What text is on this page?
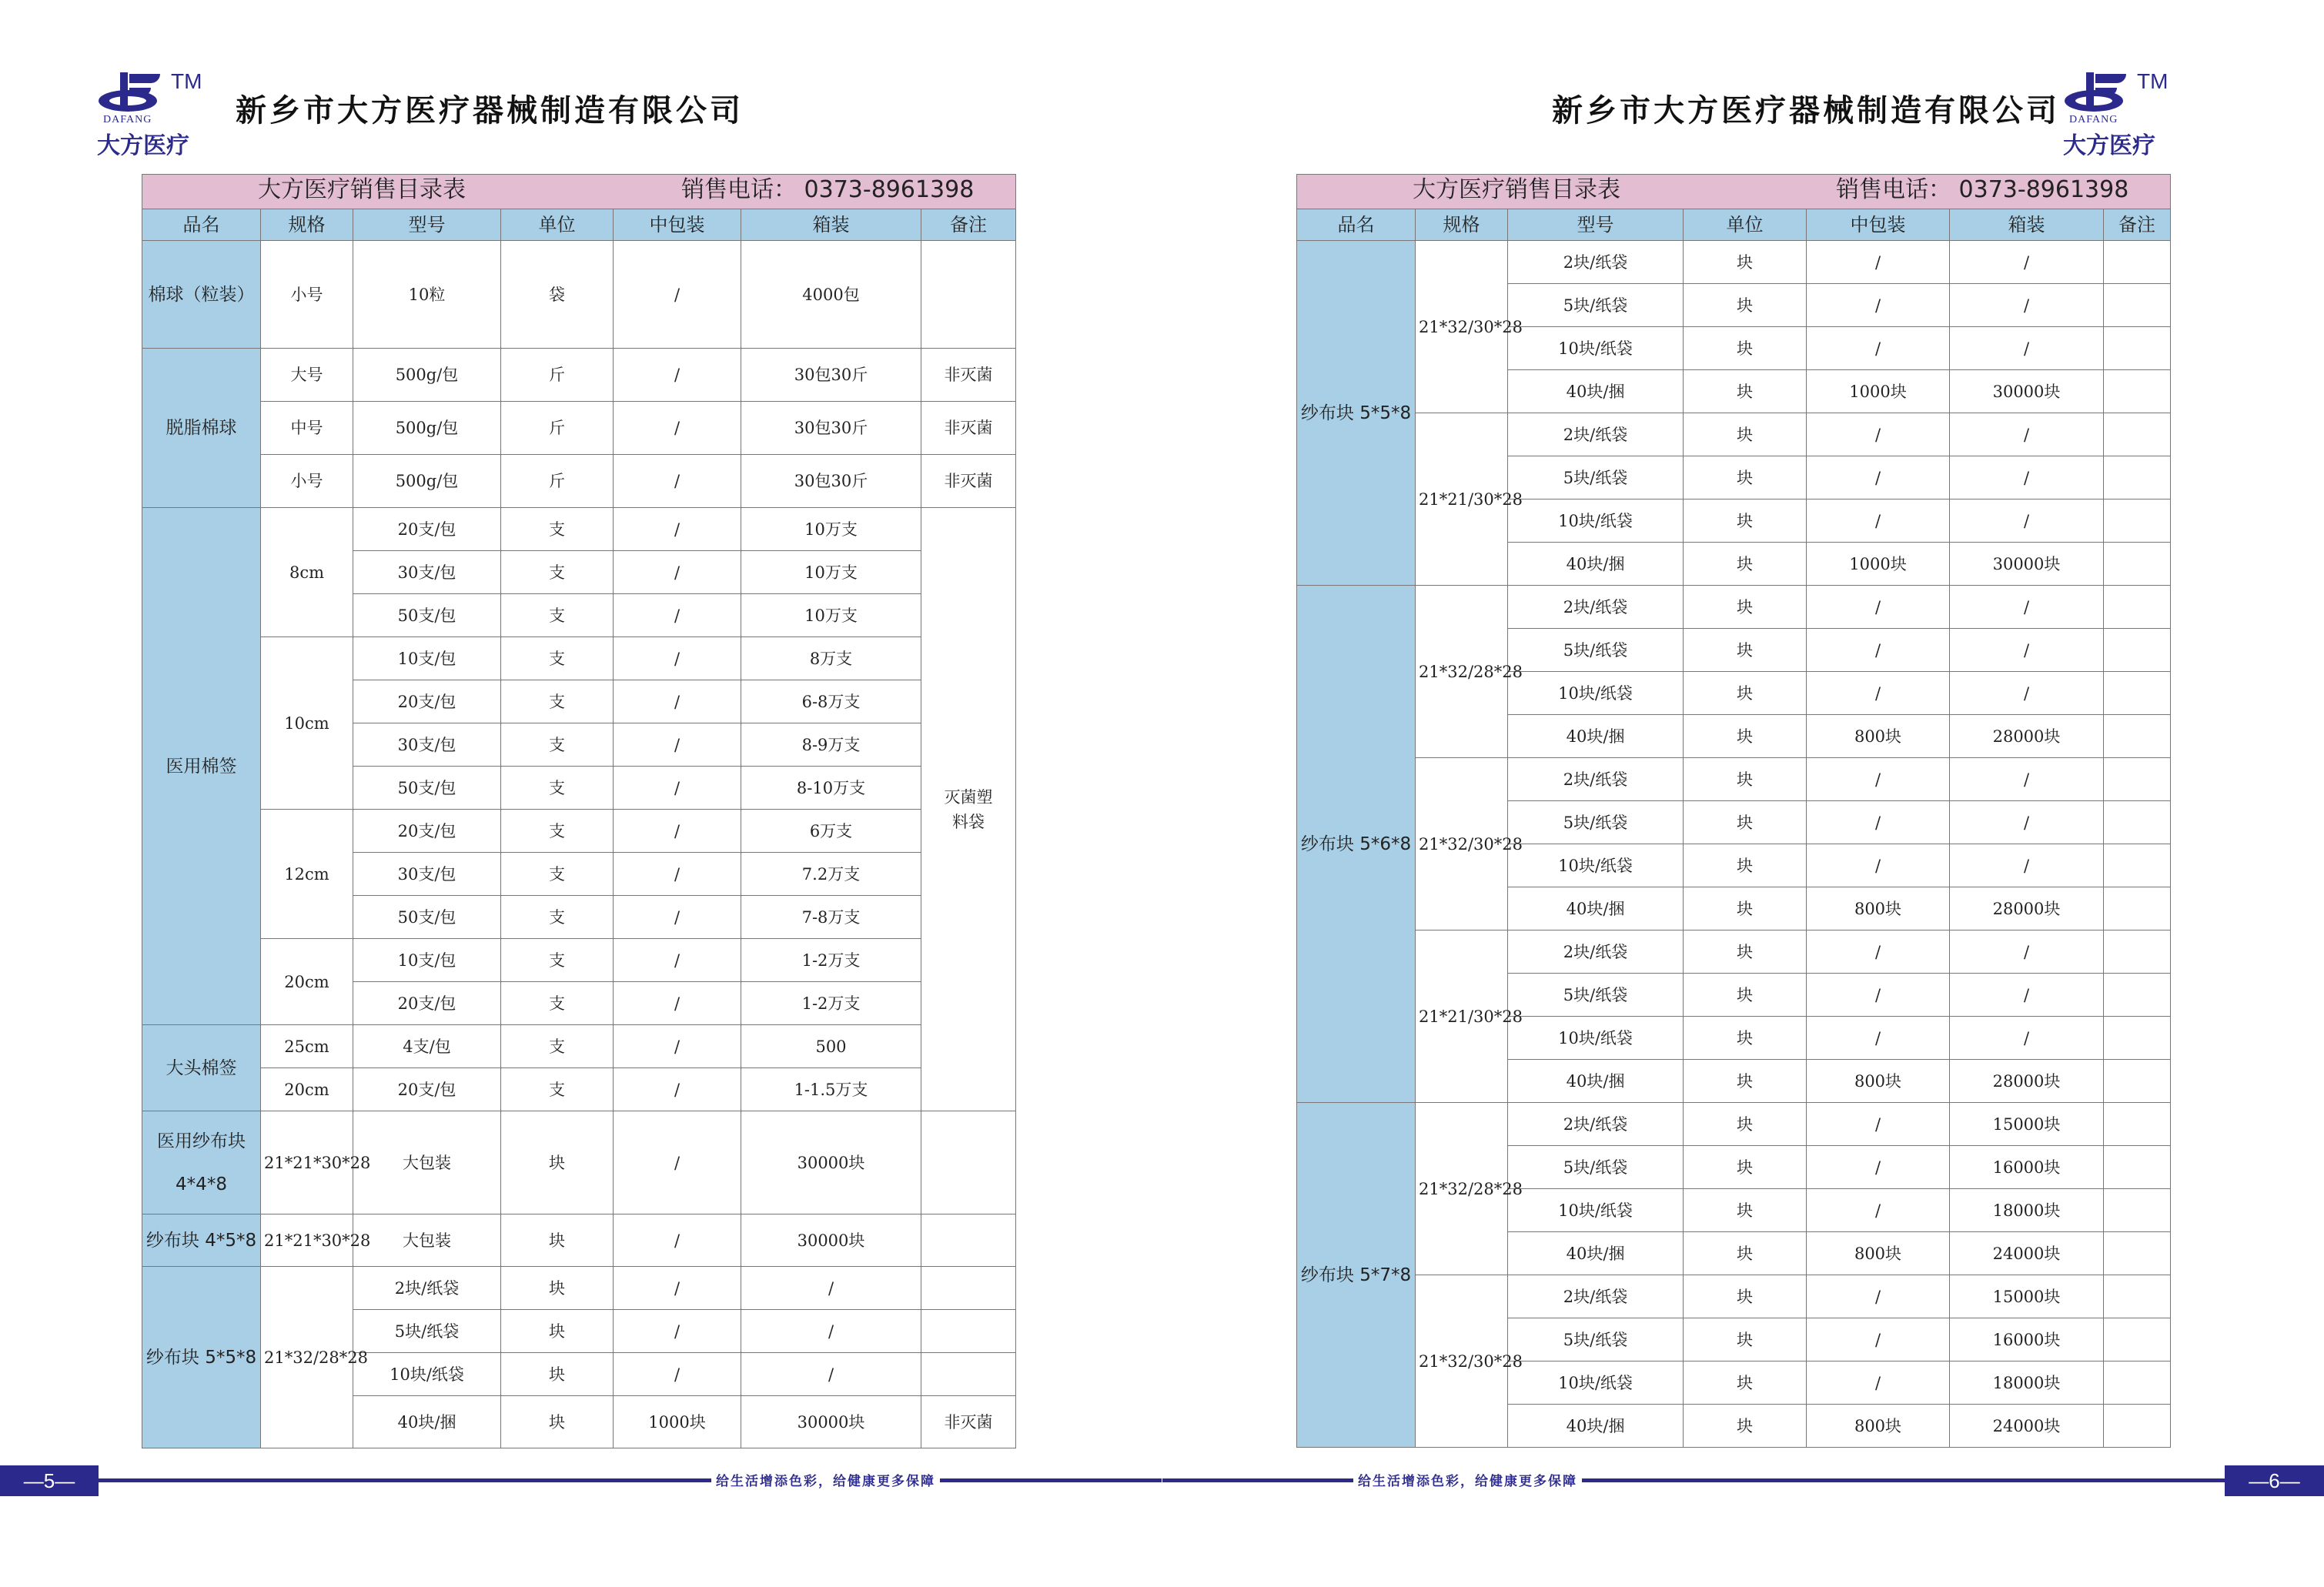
TM
DAFANG
大方医疗
新乡市大方医疗器械制造有限公司
大方医疗销售目录表 销售电话： 0373-8961398						

品名	规格	型号	单位	中包装	箱装	备注
棉球（粒装）	小号	10粒	袋	/	4000包	
脱脂棉球	大号	500g/包	斤	/	30包30斤	非灭菌
	中号	500g/包	斤	/	30包30斤	非灭菌
	小号	500g/包	斤	/	30包30斤	非灭菌
医用棉签	8cm	20支/包	支	/	10万支	灭菌塑料袋
		30支/包	支	/	10万支	
		50支/包	支	/	10万支	
	10cm	10支/包	支	/	8万支	
		20支/包	支	/	6-8万支	
		30支/包	支	/	8-9万支	
		50支/包	支	/	8-10万支	
	12cm	20支/包	支	/	6万支	
		30支/包	支	/	7.2万支	
		50支/包	支	/	7-8万支	
	20cm	10支/包	支	/	1-2万支	
		20支/包	支	/	1-2万支	
大头棉签	25cm	4支/包	支	/	500	
	20cm	20支/包	支	/	1-1.5万支	

医用纱布块
4*4*8	21*21*30*28	大包装	块	/	30000块	
纱布块 4*5*8	21*21*30*28	大包装	块	/	30000块	
纱布块 5*5*8	21*32/28*28	2块/纸袋	块	/	/	
		5块/纸袋	块	/	/	
		10块/纸袋	块	/	/	
		40块/捆	块	1000块	30000块	非灭菌
—5—	给生活增添色彩，给健康更多保障
新乡市大方医疗器械制造有限公司
TM
DAFANG
大方医疗
大方医疗销售目录表 销售电话： 0373-8961398						

品名	规格	型号	单位	中包装	箱装	备注
纱布块 5*5*8	21*32/30*28	2块/纸袋	块	/	/	
		5块/纸袋	块	/	/	
		10块/纸袋	块	/	/	
		40块/捆	块	1000块	30000块	
	21*21/30*28	2块/纸袋	块	/	/	
		5块/纸袋	块	/	/	
		10块/纸袋	块	/	/	
		40块/捆	块	1000块	30000块	
纱布块 5*6*8	21*32/28*28	2块/纸袋	块	/	/	
		5块/纸袋	块	/	/	
		10块/纸袋	块	/	/	
		40块/捆	块	800块	28000块	
	21*32/30*28	2块/纸袋	块	/	/	
		5块/纸袋	块	/	/	
		10块/纸袋	块	/	/	
		40块/捆	块	800块	28000块	
	21*21/30*28	2块/纸袋	块	/	/	
		5块/纸袋	块	/	/	
		10块/纸袋	块	/	/	
		40块/捆	块	800块	28000块	
纱布块 5*7*8	21*32/28*28	2块/纸袋	块	/	15000块	
		5块/纸袋	块	/	16000块	
		10块/纸袋	块	/	18000块	
		40块/捆	块	800块	24000块	
	21*32/30*28	2块/纸袋	块	/	15000块	
		5块/纸袋	块	/	16000块	
		10块/纸袋	块	/	18000块	
		40块/捆	块	800块	24000块	
—6—
给生活增添色彩，给健康更多保障
